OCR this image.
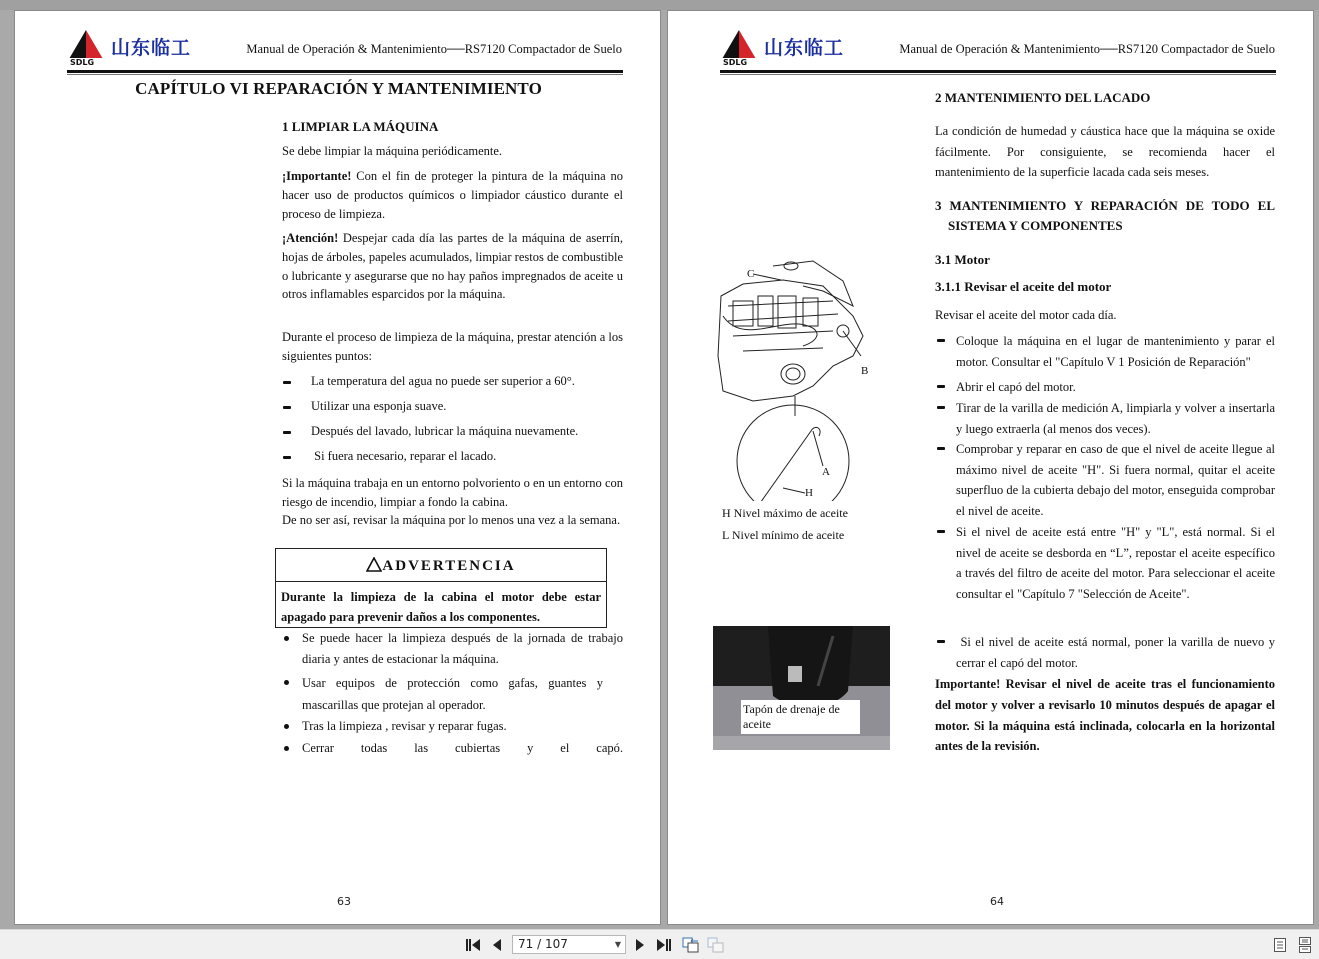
SDLG
山东临工	Manual de Operación & Mantenimiento──RS7120 Compactador de Suelo
CAPÍTULO VI REPARACIÓN Y MANTENIMIENTO
1 LIMPIAR LA MÁQUINA
Se debe limpiar la máquina periódicamente.
¡Importante! Con el fin de proteger la pintura de la máquina no hacer uso de productos químicos o limpiador cáustico durante el proceso de limpieza.
¡Atención! Despejar cada día las partes de la máquina de aserrín, hojas de árboles, papeles acumulados, limpiar restos de combustible o lubricante y asegurarse que no hay paños impregnados de aceite u otros inflamables esparcidos por la máquina.
Durante el proceso de limpieza de la máquina, prestar atención a los siguientes puntos:
La temperatura del agua no puede ser superior a 60°.
Utilizar una esponja suave.
Después del lavado, lubricar la máquina nuevamente.
Si fuera necesario, reparar el lacado.
Si la máquina trabaja en un entorno polvoriento o en un entorno con riesgo de incendio, limpiar a fondo la cabina.
De no ser así, revisar la máquina por lo menos una vez a la semana.
ADVERTENCIA
Durante la limpieza de la cabina el motor debe estar apagado para prevenir daños a los componentes.
Se puede hacer la limpieza después de la jornada de trabajo diaria y antes de estacionar la máquina.
Usar equipos de protección como gafas, guantes y mascarillas que protejan al operador.
Tras la limpieza , revisar y reparar fugas.
Cerrar todas las cubiertas y el capó.
63
SDLG
山东临工	Manual de Operación & Mantenimiento──RS7120 Compactador de Suelo
2 MANTENIMIENTO DEL LACADO
La condición de humedad y cáustica hace que la máquina se oxide fácilmente. Por consiguiente, se recomienda hacer el mantenimiento de la superficie lacada cada seis meses.
3 MANTENIMIENTO Y REPARACIÓN DE TODO EL
SISTEMA Y COMPONENTES
3.1 Motor
3.1.1 Revisar el aceite del motor
Revisar el aceite del motor cada día.
Coloque la máquina en el lugar de mantenimiento y parar el motor. Consultar el "Capítulo V 1 Posición de Reparación"
Abrir el capó del motor.
Tirar de la varilla de medición A, limpiarla y volver a insertarla y luego extraerla (al menos dos veces).
Comprobar y reparar en caso de que el nivel de aceite llegue al máximo nivel de aceite "H". Si fuera normal, quitar el aceite superfluo de la cubierta debajo del motor, enseguida comprobar el nivel de aceite.
Si el nivel de aceite está entre "H" y "L", está normal. Si el nivel de aceite se desborda en “L”, repostar el aceite específico a través del filtro de aceite del motor. Para seleccionar el aceite consultar el "Capítulo 7 "Selección de Aceite".
Si el nivel de aceite está normal, poner la varilla de nuevo y cerrar el capó del motor.
Importante! Revisar el nivel de aceite tras el funcionamiento del motor y volver a revisarlo 10 minutos después de apagar el motor. Si la máquina está inclinada, colocarla en la horizontal antes de la revisión.
C
B
A
H
H Nivel máximo de aceite
L Nivel mínimo de aceite
Tapón de drenaje de aceite
64
71 / 107	▼
